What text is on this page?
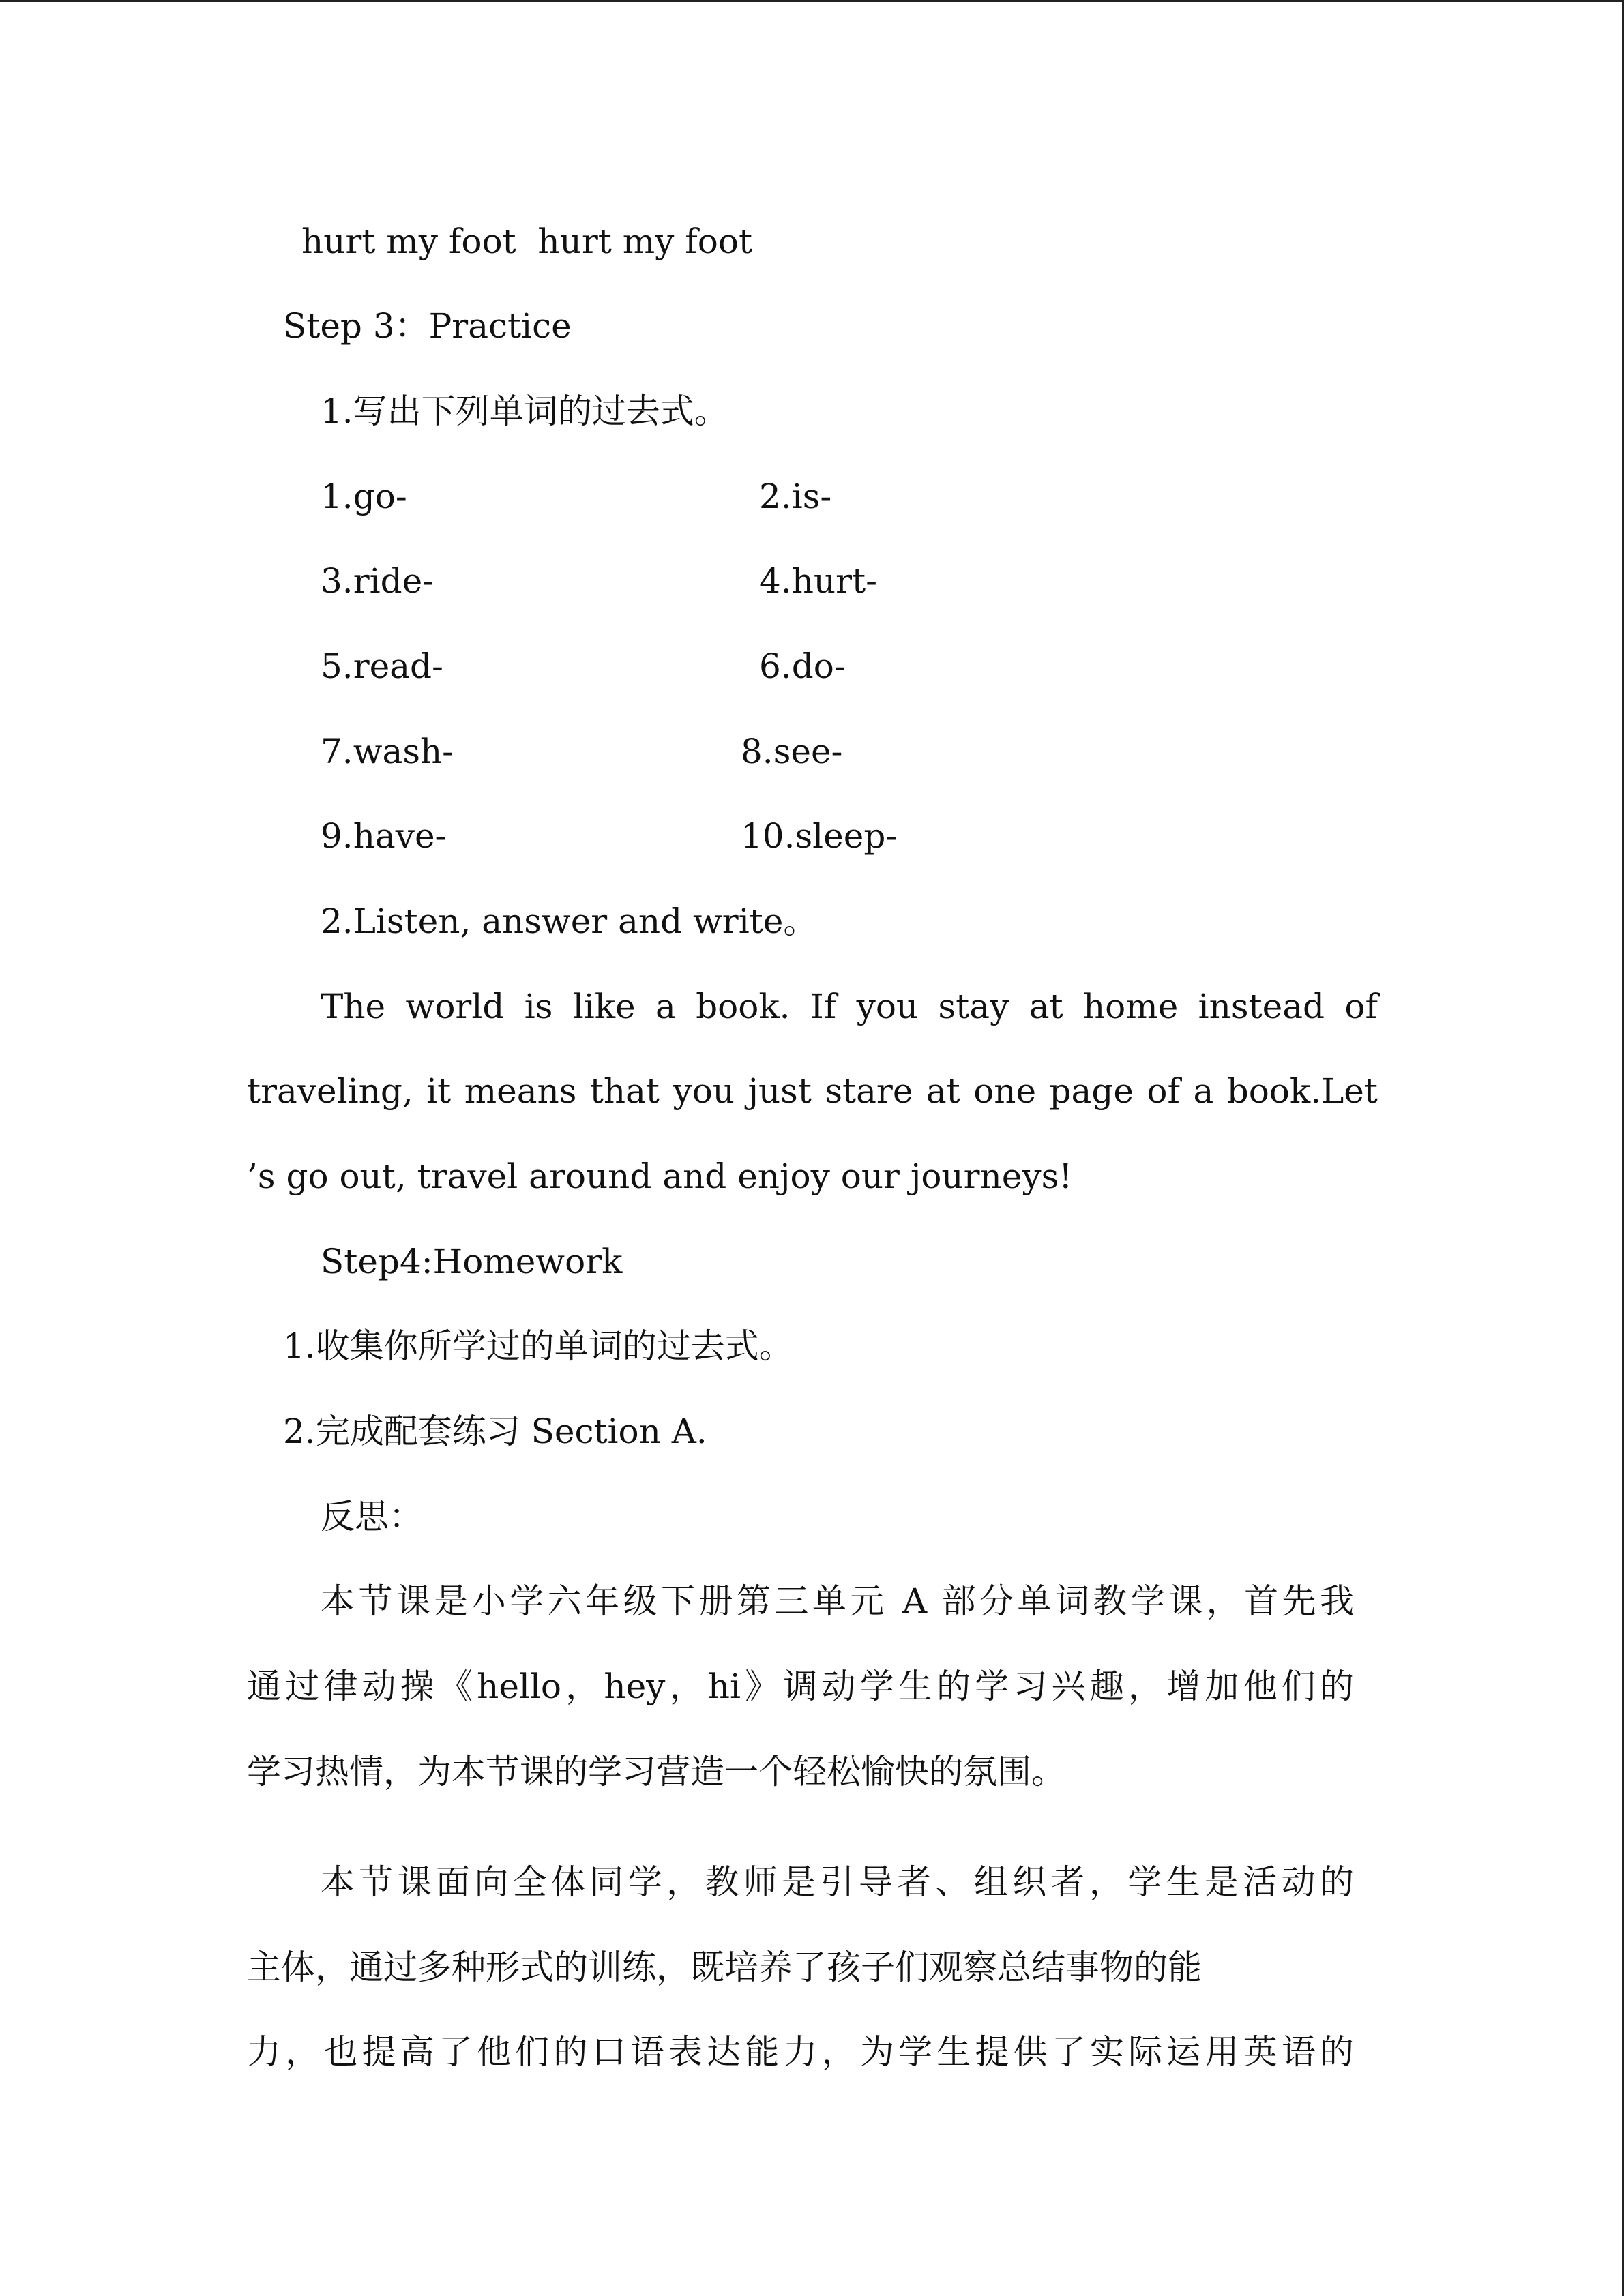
hurt my foot  hurt my foot

Step 3：Practice

1.写出下列单词的过去式。

1.go-	2.is-

3.ride-	4.hurt-

5.read-	6.do-

7.wash-	8.see-

9.have-	10.sleep-

2.Listen, answer and write。

The world is like a book. If you stay at home instead of

traveling, it means that you just stare at one page of a book.Let

’s go out, travel around and enjoy our journeys!

Step4:Homework

1.收集你所学过的单词的过去式。

2.完成配套练习 Section A.

反思：

本节课是小学六年级下册第三单元 A 部分单词教学课，首先我

通过律动操《hello，hey，hi》调动学生的学习兴趣，增加他们的

学习热情，为本节课的学习营造一个轻松愉快的氛围。

本节课面向全体同学，教师是引导者、组织者，学生是活动的

主体，通过多种形式的训练，既培养了孩子们观察总结事物的能

力，也提高了他们的口语表达能力，为学生提供了实际运用英语的
